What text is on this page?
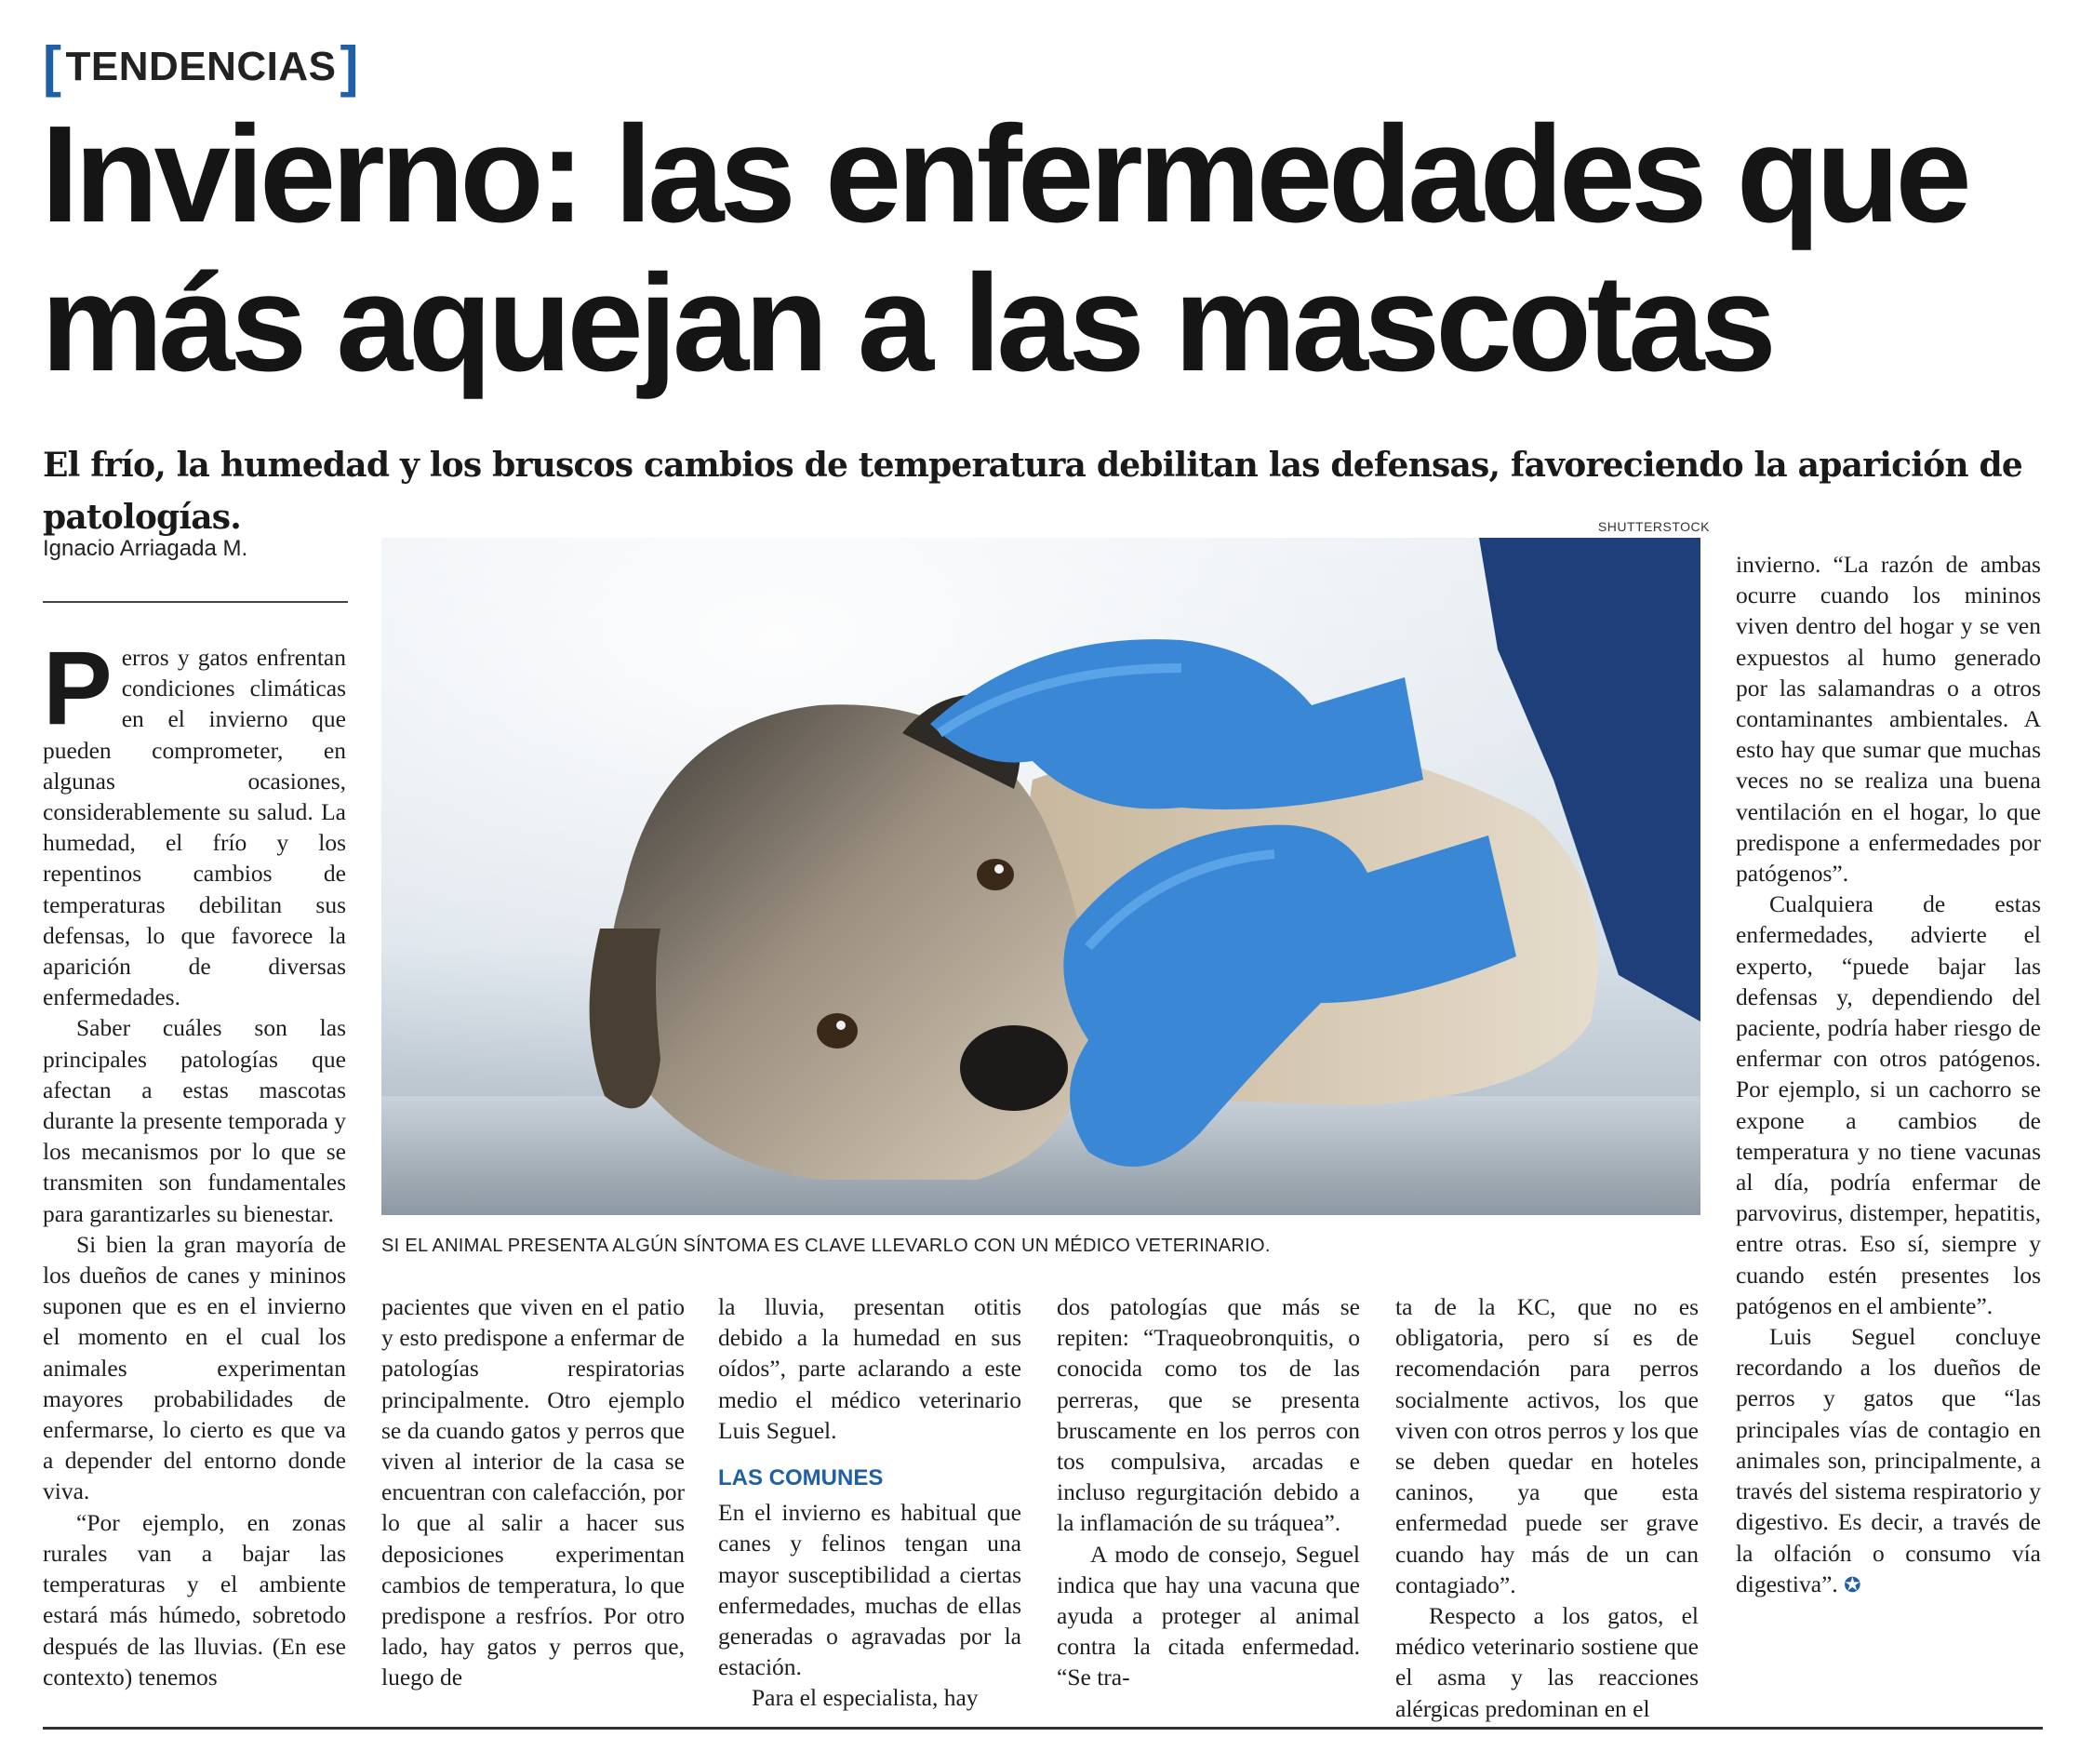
[ TENDENCIAS ]
Invierno: las enfermedades que más aquejan a las mascotas

El frío, la humedad y los bruscos cambios de temperatura debilitan las defensas, favoreciendo la aparición de patologías.

Ignacio Arriagada M.
SHUTTERSTOCK
SI EL ANIMAL PRESENTA ALGÚN SÍNTOMA ES CLAVE LLEVARLO CON UN MÉDICO VETERINARIO.

Perros y gatos enfrentan condiciones climáticas en el invierno que pueden comprometer, en algunas ocasiones, considerablemente su salud. La humedad, el frío y los repentinos cambios de temperaturas debilitan sus defensas, lo que favorece la aparición de diversas enfermedades.

Saber cuáles son las principales patologías que afectan a estas mascotas durante la presente temporada y los mecanismos por lo que se transmiten son fundamentales para garantizarles su bienestar.

Si bien la gran mayoría de los dueños de canes y mininos suponen que es en el invierno el momento en el cual los animales experimentan mayores probabilidades de enfermarse, lo cierto es que va a depender del entorno donde viva.

“Por ejemplo, en zonas rurales van a bajar las temperaturas y el ambiente estará más húmedo, sobretodo después de las lluvias. (En ese contexto) tenemos

pacientes que viven en el patio y esto predispone a enfermar de patologías respiratorias principalmente. Otro ejemplo se da cuando gatos y perros que viven al interior de la casa se encuentran con calefacción, por lo que al salir a hacer sus deposiciones experimentan cambios de temperatura, lo que predispone a resfríos. Por otro lado, hay gatos y perros que, luego de

la lluvia, presentan otitis debido a la humedad en sus oídos”, parte aclarando a este medio el médico veterinario Luis Seguel.

LAS COMUNES

En el invierno es habitual que canes y felinos tengan una mayor susceptibilidad a ciertas enfermedades, muchas de ellas generadas o agravadas por la estación.

Para el especialista, hay

dos patologías que más se repiten: “Traqueobronquitis, o conocida como tos de las perreras, que se presenta bruscamente en los perros con tos compulsiva, arcadas e incluso regurgitación debido a la inflamación de su tráquea”.

A modo de consejo, Seguel indica que hay una vacuna que ayuda a proteger al animal contra la citada enfermedad. “Se tra-

ta de la KC, que no es obligatoria, pero sí es de recomendación para perros socialmente activos, los que viven con otros perros y los que se deben quedar en hoteles caninos, ya que esta enfermedad puede ser grave cuando hay más de un can contagiado”.

Respecto a los gatos, el médico veterinario sostiene que el asma y las reacciones alérgicas predominan en el

invierno. “La razón de ambas ocurre cuando los mininos viven dentro del hogar y se ven expuestos al humo generado por las salamandras o a otros contaminantes ambientales. A esto hay que sumar que muchas veces no se realiza una buena ventilación en el hogar, lo que predispone a enfermedades por patógenos”.

Cualquiera de estas enfermedades, advierte el experto, “puede bajar las defensas y, dependiendo del paciente, podría haber riesgo de enfermar con otros patógenos. Por ejemplo, si un cachorro se expone a cambios de temperatura y no tiene vacunas al día, podría enfermar de parvovirus, distemper, hepatitis, entre otras. Eso sí, siempre y cuando estén presentes los patógenos en el ambiente”.

Luis Seguel concluye recordando a los dueños de perros y gatos que “las principales vías de contagio en animales son, principalmente, a través del sistema respiratorio y digestivo. Es decir, a través de la olfación o consumo vía digestiva”. ✪
